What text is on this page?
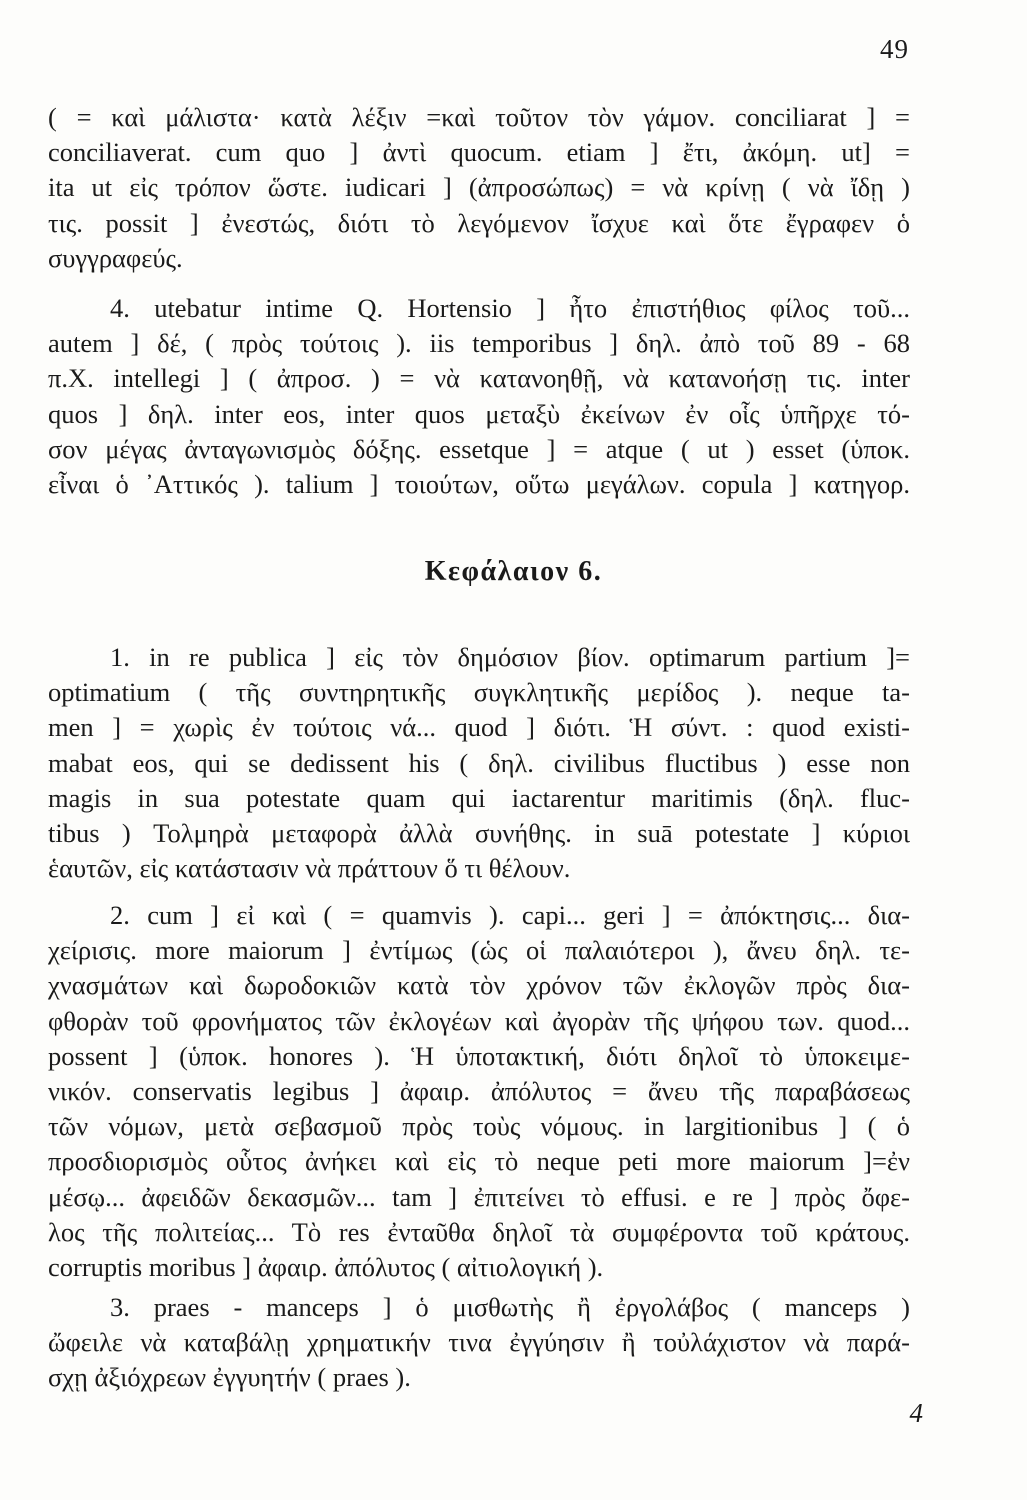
49
( = καὶ μάλιστα· κατὰ λέξιν =καὶ τοῦτον τὸν γάμον. conciliarat ] =
conciliaverat. cum quo ] ἀντὶ quocum. etiam ] ἔτι, ἀκόμη. ut] =
ita ut εἰς τρόπον ὥστε. iudicari ] (ἀπροσώπως) = νὰ κρίνῃ ( νὰ ἴδῃ )
τις. possit ] ἐνεστώς, διότι τὸ λεγόμενον ἴσχυε καὶ ὅτε ἔγραφεν ὁ
συγγραφεύς.
4. utebatur intime Q. Hortensio ] ἦτο ἐπιστήθιος φίλος τοῦ...
autem ] δέ, ( πρὸς τούτοις ). iis temporibus ] δηλ. ἀπὸ τοῦ 89 - 68
π.Χ. intellegi ] ( ἀπροσ. ) = νὰ κατανοηθῇ, νὰ κατανοήσῃ τις. inter
quos ] δηλ. inter eos, inter quos μεταξὺ ἐκείνων ἐν οἷς ὑπῆρχε τό-
σον μέγας ἀνταγωνισμὸς δόξης. essetque ] = atque ( ut ) esset (ὑποκ.
εἶναι ὁ ᾿Αττικός ). talium ] τοιούτων, οὕτω μεγάλων. copula ] κατηγορ.
Κεφάλαιον 6.
1. in re publica ] εἰς τὸν δημόσιον βίον. optimarum partium ]=
optimatium ( τῆς συντηρητικῆς συγκλητικῆς μερίδος ). neque ta-
men ] = χωρὶς ἐν τούτοις νά... quod ] διότι. Ἡ σύντ. : quod existi-
mabat eos, qui se dedissent his ( δηλ. civilibus fluctibus ) esse non
magis in sua potestate quam qui iactarentur maritimis (δηλ. fluc-
tibus ) Τολμηρὰ μεταφορὰ ἀλλὰ συνήθης. in suā potestate ] κύριοι
ἑαυτῶν, εἰς κατάστασιν νὰ πράττουν ὅ τι θέλουν.
2. cum ] εἰ καὶ ( = quamvis ). capi... geri ] = ἀπόκτησις... δια-
χείρισις. more maiorum ] ἐντίμως (ὡς οἱ παλαιότεροι ), ἄνευ δηλ. τε-
χνασμάτων καὶ δωροδοκιῶν κατὰ τὸν χρόνον τῶν ἐκλογῶν πρὸς δια-
φθορὰν τοῦ φρονήματος τῶν ἐκλογέων καὶ ἀγορὰν τῆς ψήφου των. quod...
possent ] (ὑποκ. honores ). Ἡ ὑποτακτική, διότι δηλοῖ τὸ ὑποκειμε-
νικόν. conservatis legibus ] ἀφαιρ. ἀπόλυτος = ἄνευ τῆς παραβάσεως
τῶν νόμων, μετὰ σεβασμοῦ πρὸς τοὺς νόμους. in largitionibus ] ( ὁ
προσδιορισμὸς οὗτος ἀνήκει καὶ εἰς τὸ neque peti more maiorum ]=ἐν
μέσῳ... ἀφειδῶν δεκασμῶν... tam ] ἐπιτείνει τὸ effusi. e re ] πρὸς ὄφε-
λος τῆς πολιτείας... Τὸ res ἐνταῦθα δηλοῖ τὰ συμφέροντα τοῦ κράτους.
corruptis moribus ] ἀφαιρ. ἀπόλυτος ( αἰτιολογική ).
3. praes - manceps ] ὁ μισθωτὴς ἢ ἐργολάβος ( manceps )
ὤφειλε νὰ καταβάλῃ χρηματικήν τινα ἐγγύησιν ἢ τοὐλάχιστον νὰ παρά-
σχῃ ἀξιόχρεων ἐγγυητήν ( praes ).
4
